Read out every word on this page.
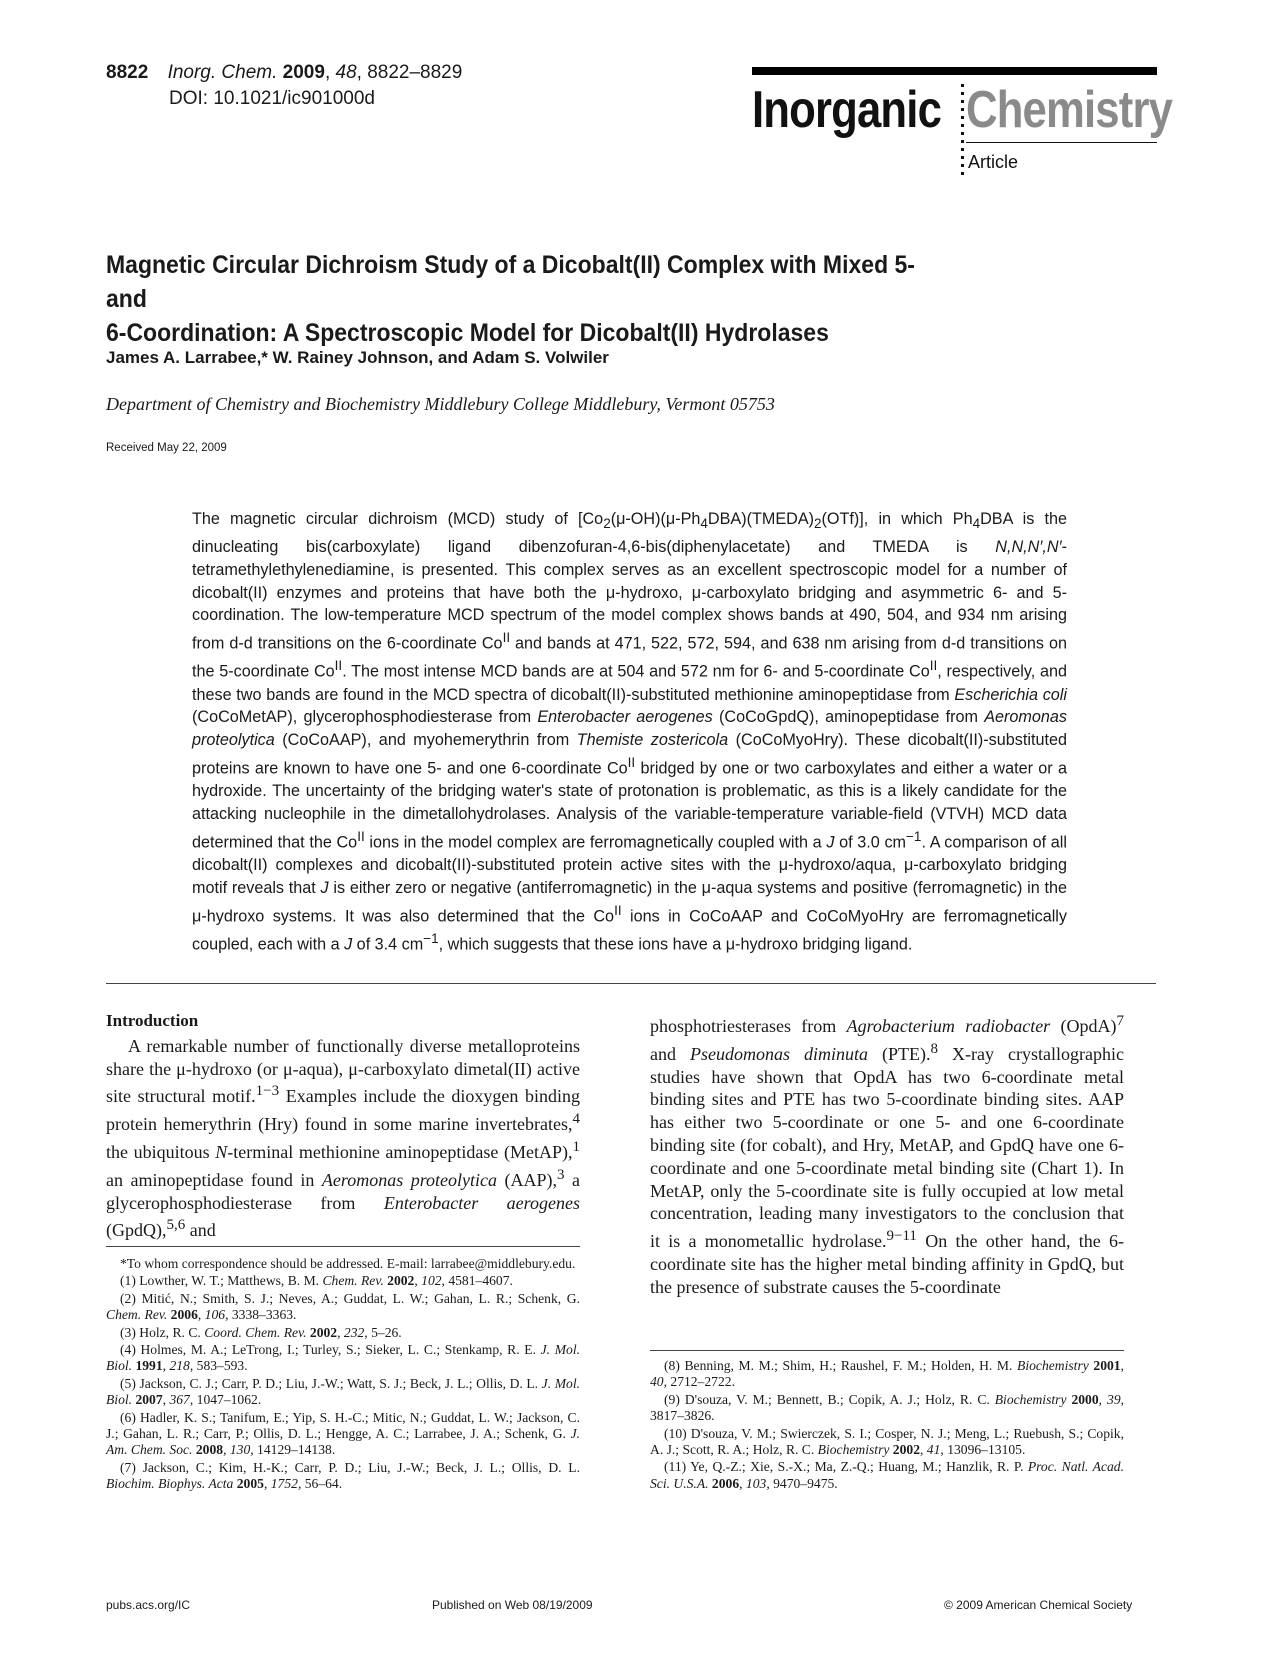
8822 Inorg. Chem. 2009, 48, 8822–8829
DOI: 10.1021/ic901000d	Inorganic Chemistry
Article
Magnetic Circular Dichroism Study of a Dicobalt(II) Complex with Mixed 5- and
6-Coordination: A Spectroscopic Model for Dicobalt(II) Hydrolases
James A. Larrabee,* W. Rainey Johnson, and Adam S. Volwiler
Department of Chemistry and Biochemistry Middlebury College Middlebury, Vermont 05753
Received May 22, 2009

The magnetic circular dichroism (MCD) study of $[Co_2(\mu-OH)(\mu-Ph_4DBA)(TMEDA)_2(OTf)]$, in which $Ph_4DBA$ is the dinucleating bis(carboxylate) ligand dibenzofuran-4,6-bis(diphenylacetate) and TMEDA is N,N,N′,N′-tetramethylethylenediamine, is presented. This complex serves as an excellent spectroscopic model for a number of dicobalt(II) enzymes and proteins that have both the μ-hydroxo, μ-carboxylato bridging and asymmetric 6- and 5-coordination. The low-temperature MCD spectrum of the model complex shows bands at 490, 504, and 934 nm arising from d-d transitions on the 6-coordinate $Co^{II}$ and bands at 471, 522, 572, 594, and 638 nm arising from d-d transitions on the 5-coordinate $Co^{II}$. The most intense MCD bands are at 504 and 572 nm for 6- and 5-coordinate $Co^{II}$, respectively, and these two bands are found in the MCD spectra of dicobalt(II)-substituted methionine aminopeptidase from Escherichia coli (CoCoMetAP), glycerophosphodiesterase from Enterobacter aerogenes (CoCoGpdQ), aminopeptidase from Aeromonas proteolytica (CoCoAAP), and myohemerythrin from Themiste zostericola (CoCoMyoHry). These dicobalt(II)-substituted proteins are known to have one 5- and one 6-coordinate $Co^{II}$ bridged by one or two carboxylates and either a water or a hydroxide. The uncertainty of the bridging water's state of protonation is problematic, as this is a likely candidate for the attacking nucleophile in the dimetallohydrolases. Analysis of the variable-temperature variable-field (VTVH) MCD data determined that the $Co^{II}$ ions in the model complex are ferromagnetically coupled with a J of 3.0 $cm^{-1}$. A comparison of all dicobalt(II) complexes and dicobalt(II)-substituted protein active sites with the μ-hydroxo/aqua, μ-carboxylato bridging motif reveals that J is either zero or negative (antiferromagnetic) in the μ-aqua systems and positive (ferromagnetic) in the μ-hydroxo systems. It was also determined that the $Co^{II}$ ions in CoCoAAP and CoCoMyoHry are ferromagnetically coupled, each with a J of 3.4 $cm^{-1}$, which suggests that these ions have a μ-hydroxo bridging ligand.

Introduction

A remarkable number of functionally diverse metalloproteins share the μ-hydroxo (or μ-aqua), μ-carboxylato dimetal(II) active site structural motif.$^{1-3}$ Examples include the dioxygen binding protein hemerythrin (Hry) found in some marine invertebrates,$^4$ the ubiquitous N-terminal methionine aminopeptidase (MetAP),$^1$ an aminopeptidase found in Aeromonas proteolytica (AAP),$^3$ a glycerophosphodiesterase from Enterobacter aerogenes (GpdQ),$^{5,6}$ and

*To whom correspondence should be addressed. E-mail: larrabee@middlebury.edu.

(1) Lowther, W. T.; Matthews, B. M. Chem. Rev. 2002, 102, 4581–4607.

(2) Mitić, N.; Smith, S. J.; Neves, A.; Guddat, L. W.; Gahan, L. R.; Schenk, G. Chem. Rev. 2006, 106, 3338–3363.

(3) Holz, R. C. Coord. Chem. Rev. 2002, 232, 5–26.

(4) Holmes, M. A.; LeTrong, I.; Turley, S.; Sieker, L. C.; Stenkamp, R. E. J. Mol. Biol. 1991, 218, 583–593.

(5) Jackson, C. J.; Carr, P. D.; Liu, J.-W.; Watt, S. J.; Beck, J. L.; Ollis, D. L. J. Mol. Biol. 2007, 367, 1047–1062.

(6) Hadler, K. S.; Tanifum, E.; Yip, S. H.-C.; Mitic, N.; Guddat, L. W.; Jackson, C. J.; Gahan, L. R.; Carr, P.; Ollis, D. L.; Hengge, A. C.; Larrabee, J. A.; Schenk, G. J. Am. Chem. Soc. 2008, 130, 14129–14138.

(7) Jackson, C.; Kim, H.-K.; Carr, P. D.; Liu, J.-W.; Beck, J. L.; Ollis, D. L. Biochim. Biophys. Acta 2005, 1752, 56–64.

phosphotriesterases from Agrobacterium radiobacter (OpdA)$^7$ and Pseudomonas diminuta (PTE).$^8$ X-ray crystallographic studies have shown that OpdA has two 6-coordinate metal binding sites and PTE has two 5-coordinate binding sites. AAP has either two 5-coordinate or one 5- and one 6-coordinate binding site (for cobalt), and Hry, MetAP, and GpdQ have one 6-coordinate and one 5-coordinate metal binding site (Chart 1). In MetAP, only the 5-coordinate site is fully occupied at low metal concentration, leading many investigators to the conclusion that it is a monometallic hydrolase.$^{9-11}$ On the other hand, the 6-coordinate site has the higher metal binding affinity in GpdQ, but the presence of substrate causes the 5-coordinate

(8) Benning, M. M.; Shim, H.; Raushel, F. M.; Holden, H. M. Biochemistry 2001, 40, 2712–2722.

(9) D'souza, V. M.; Bennett, B.; Copik, A. J.; Holz, R. C. Biochemistry 2000, 39, 3817–3826.

(10) D'souza, V. M.; Swierczek, S. I.; Cosper, N. J.; Meng, L.; Ruebush, S.; Copik, A. J.; Scott, R. A.; Holz, R. C. Biochemistry 2002, 41, 13096–13105.

(11) Ye, Q.-Z.; Xie, S.-X.; Ma, Z.-Q.; Huang, M.; Hanzlik, R. P. Proc. Natl. Acad. Sci. U.S.A. 2006, 103, 9470–9475.

pubs.acs.org/IC	Published on Web 08/19/2009	© 2009 American Chemical Society
